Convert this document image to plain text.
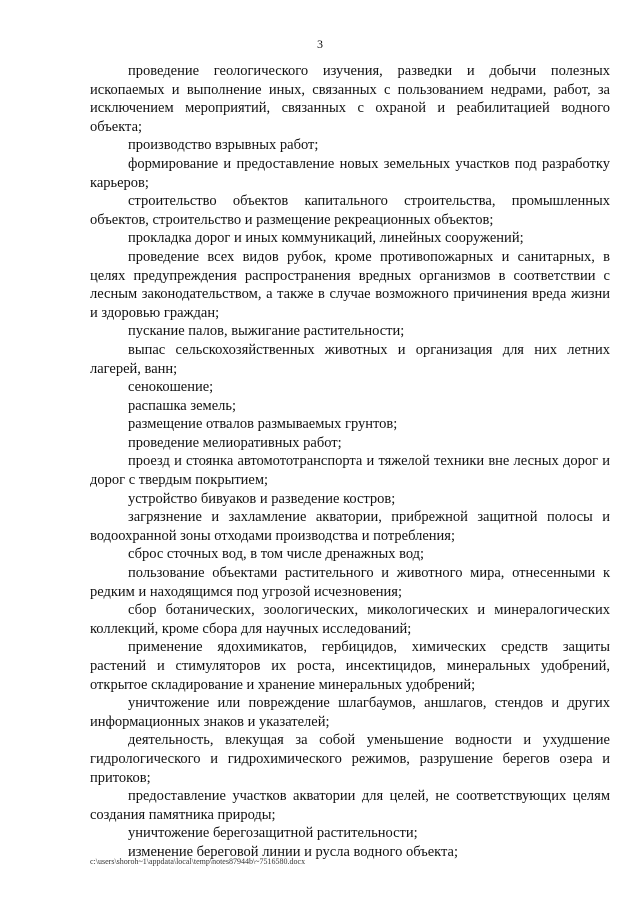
3

проведение геологического изучения, разведки и добычи полезных ископаемых и выполнение иных, связанных с пользованием недрами, работ, за исключением мероприятий, связанных с охраной и реабилитацией водного объекта;

производство взрывных работ;

формирование и предоставление новых земельных участков под разработку карьеров;

строительство объектов капитального строительства, промышленных объектов, строительство и размещение рекреационных объектов;

прокладка дорог и иных коммуникаций, линейных сооружений;

проведение всех видов рубок, кроме противопожарных и санитарных, в целях предупреждения распространения вредных организмов в соответствии с лесным законодательством, а также в случае возможного причинения вреда жизни и здоровью граждан;

пускание палов, выжигание растительности;

выпас сельскохозяйственных животных и организация для них летних лагерей, ванн;

сенокошение;

распашка земель;

размещение отвалов размываемых грунтов;

проведение мелиоративных работ;

проезд и стоянка автомототранспорта и тяжелой техники вне лесных дорог и дорог с твердым покрытием;

устройство бивуаков и разведение костров;

загрязнение и захламление акватории, прибрежной защитной полосы и водоохранной зоны отходами производства и потребления;

сброс сточных вод, в том числе дренажных вод;

пользование объектами растительного и животного мира, отнесенными к редким и находящимся под угрозой исчезновения;

сбор ботанических, зоологических, микологических и минералогических коллекций, кроме сбора для научных исследований;

применение ядохимикатов, гербицидов, химических средств защиты растений и стимуляторов их роста, инсектицидов, минеральных удобрений, открытое складирование и хранение минеральных удобрений;

уничтожение или повреждение шлагбаумов, аншлагов, стендов и других информационных знаков и указателей;

деятельность, влекущая за собой уменьшение водности и ухудшение гидрологического и гидрохимического режимов, разрушение берегов озера и притоков;

предоставление участков акватории для целей, не соответствующих целям создания памятника природы;

уничтожение берегозащитной растительности;

изменение береговой линии и русла водного объекта;

c:\users\shoroh~1\appdata\local\temp\notes87944b\~7516580.docx
